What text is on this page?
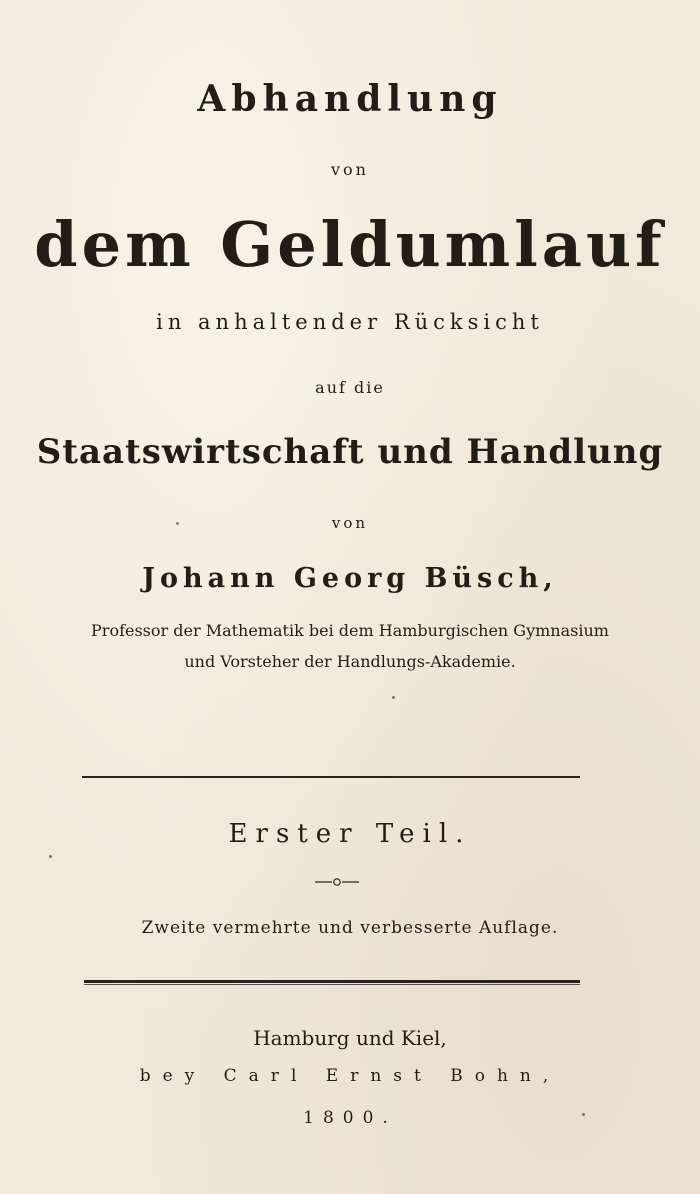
Abhandlung
von
dem Geldumlauf
in anhaltender Rücksicht
auf die
Staatswirtschaft und Handlung
von
Johann Georg Büsch,
Professor der Mathematik bei dem Hamburgischen Gymnasium
und Vorsteher der Handlungs-Akademie.
Erster Teil.
Zweite vermehrte und verbesserte Auflage.
Hamburg und Kiel,
bey Carl Ernst Bohn,
1800.
